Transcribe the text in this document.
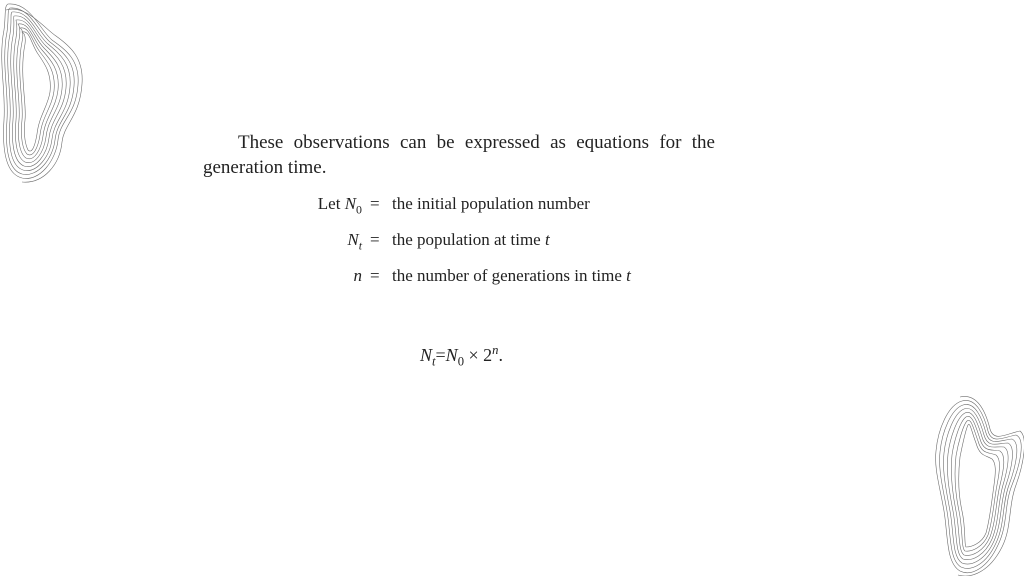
These observations can be expressed as equations for the generation time.

Let $N_0$ = the initial population number
$N_t$ = the population at time t
n = the number of generations in time t
$N_t=N_0 \times 2^n$.
